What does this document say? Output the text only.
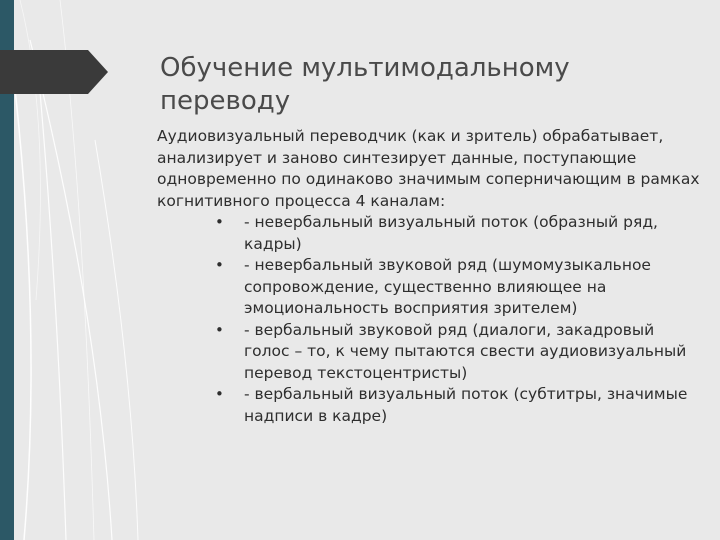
Обучение мультимодальному переводу

Аудиовизуальный переводчик (как и зритель) обрабатывает, анализирует и заново синтезирует данные, поступающие одновременно по одинаково значимым соперничающим в рамках когнитивного процесса 4 каналам:

• - невербальный визуальный поток (образный ряд, кадры)
• - невербальный звуковой ряд (шумомузыкальное сопровождение, существенно влияющее на эмоциональность восприятия зрителем)
• - вербальный звуковой ряд (диалоги, закадровый голос – то, к чему пытаются свести аудиовизуальный перевод текстоцентристы)
• - вербальный визуальный поток (субтитры, значимые надписи в кадре)
